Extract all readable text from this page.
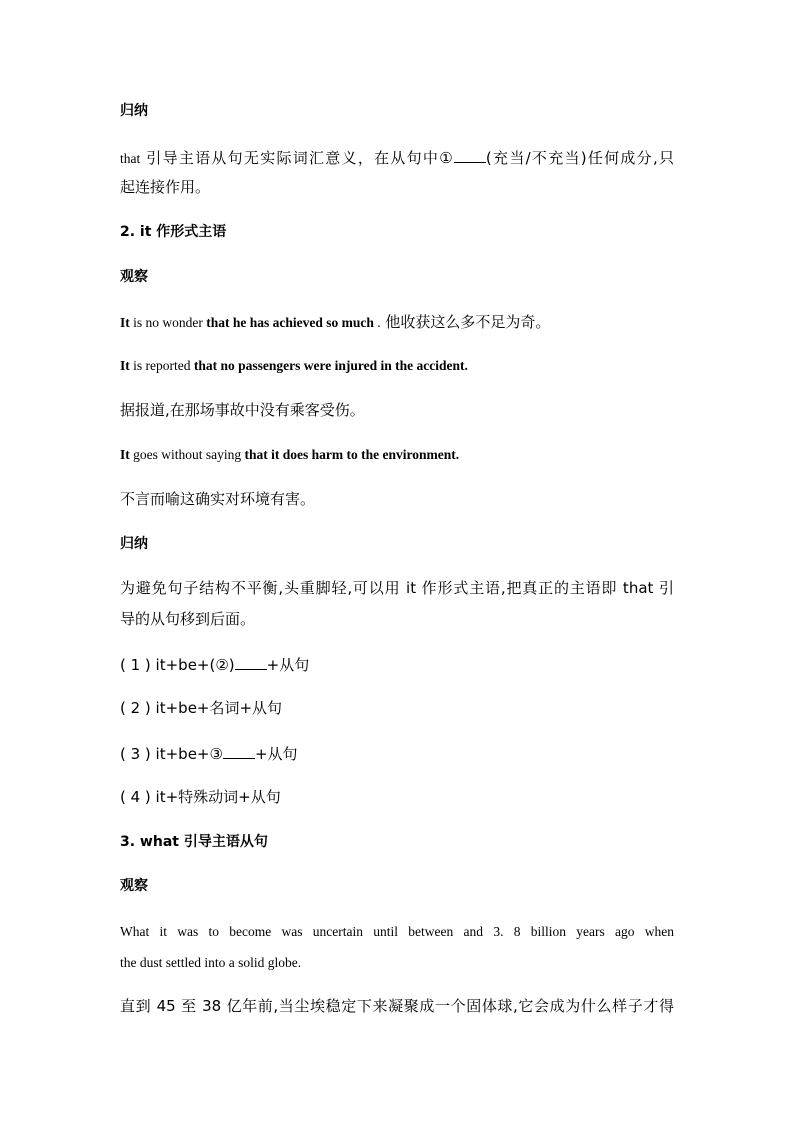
归纳
that 引导主语从句无实际词汇意义，在从句中① (充当/不充当)任何成分,只
起连接作用。
2. it 作形式主语
观察
It is no wonder that he has achieved so much . 他收获这么多不足为奇。
It is reported that no passengers were injured in the accident.
据报道,在那场事故中没有乘客受伤。
It goes without saying that it does harm to the environment.
不言而喻这确实对环境有害。
归纳
为避免句子结构不平衡,头重脚轻,可以用 it 作形式主语,把真正的主语即 that 引
导的从句移到后面。
( 1 ) it+be+(②) +从句
( 2 ) it+be+名词+从句
( 3 ) it+be+③ +从句
( 4 ) it+特殊动词+从句
3. what 引导主语从句
观察
What it was to become was uncertain until between and 3. 8 billion years ago when
the dust settled into a solid globe.
直到 45 至 38 亿年前,当尘埃稳定下来凝聚成一个固体球,它会成为什么样子才得
